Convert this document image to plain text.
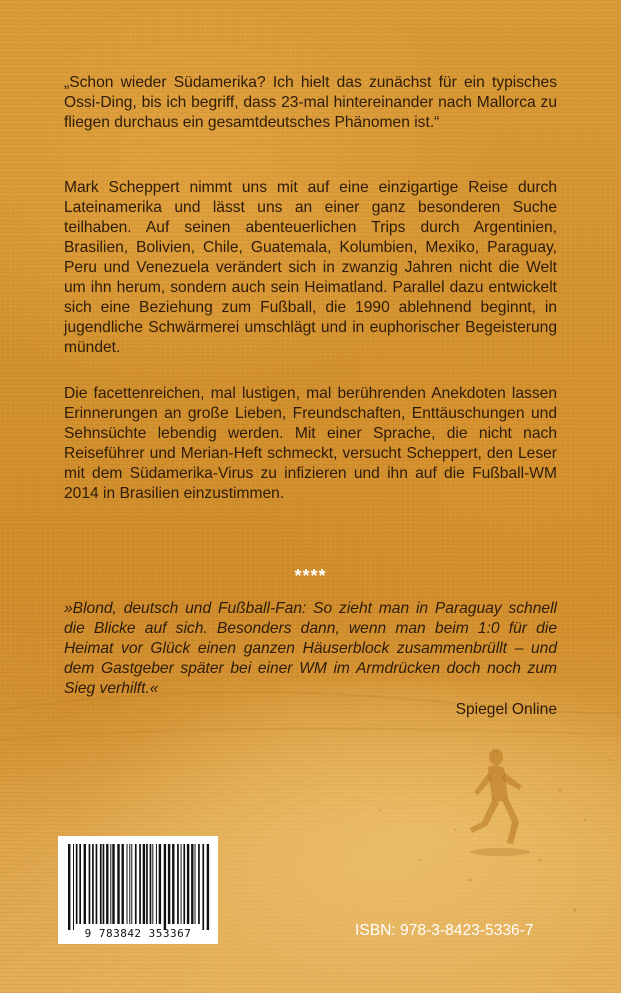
„Schon wieder Südamerika? Ich hielt das zunächst für ein typisches Ossi-Ding, bis ich begriff, dass 23-mal hintereinander nach Mallorca zu fliegen durchaus ein gesamtdeutsches Phänomen ist.“
Mark Scheppert nimmt uns mit auf eine einzigartige Reise durch Lateinamerika und lässt uns an einer ganz besonderen Suche teilhaben. Auf seinen abenteuerlichen Trips durch Argentinien, Brasilien, Bolivien, Chile, Guatemala, Kolumbien, Mexiko, Paraguay, Peru und Venezuela verändert sich in zwanzig Jahren nicht die Welt um ihn herum, sondern auch sein Heimatland. Parallel dazu entwickelt sich eine Beziehung zum Fußball, die 1990 ablehnend beginnt, in jugendliche Schwärmerei umschlägt und in euphorischer Begeisterung mündet.
Die facettenreichen, mal lustigen, mal berührenden Anekdoten lassen Erinnerungen an große Lieben, Freundschaften, Enttäuschungen und Sehnsüchte lebendig werden. Mit einer Sprache, die nicht nach Reiseführer und Merian-Heft schmeckt, versucht Scheppert, den Leser mit dem Südamerika-Virus zu infizieren und ihn auf die Fußball-WM 2014 in Brasilien einzustimmen.
****
»Blond, deutsch und Fußball-Fan: So zieht man in Paraguay schnell die Blicke auf sich. Besonders dann, wenn man beim 1:0 für die Heimat vor Glück einen ganzen Häuserblock zusammenbrüllt – und dem Gastgeber später bei einer WM im Armdrücken doch noch zum Sieg verhilft.«
Spiegel Online
9 783842 353367	ISBN: 978-3-8423-5336-7
